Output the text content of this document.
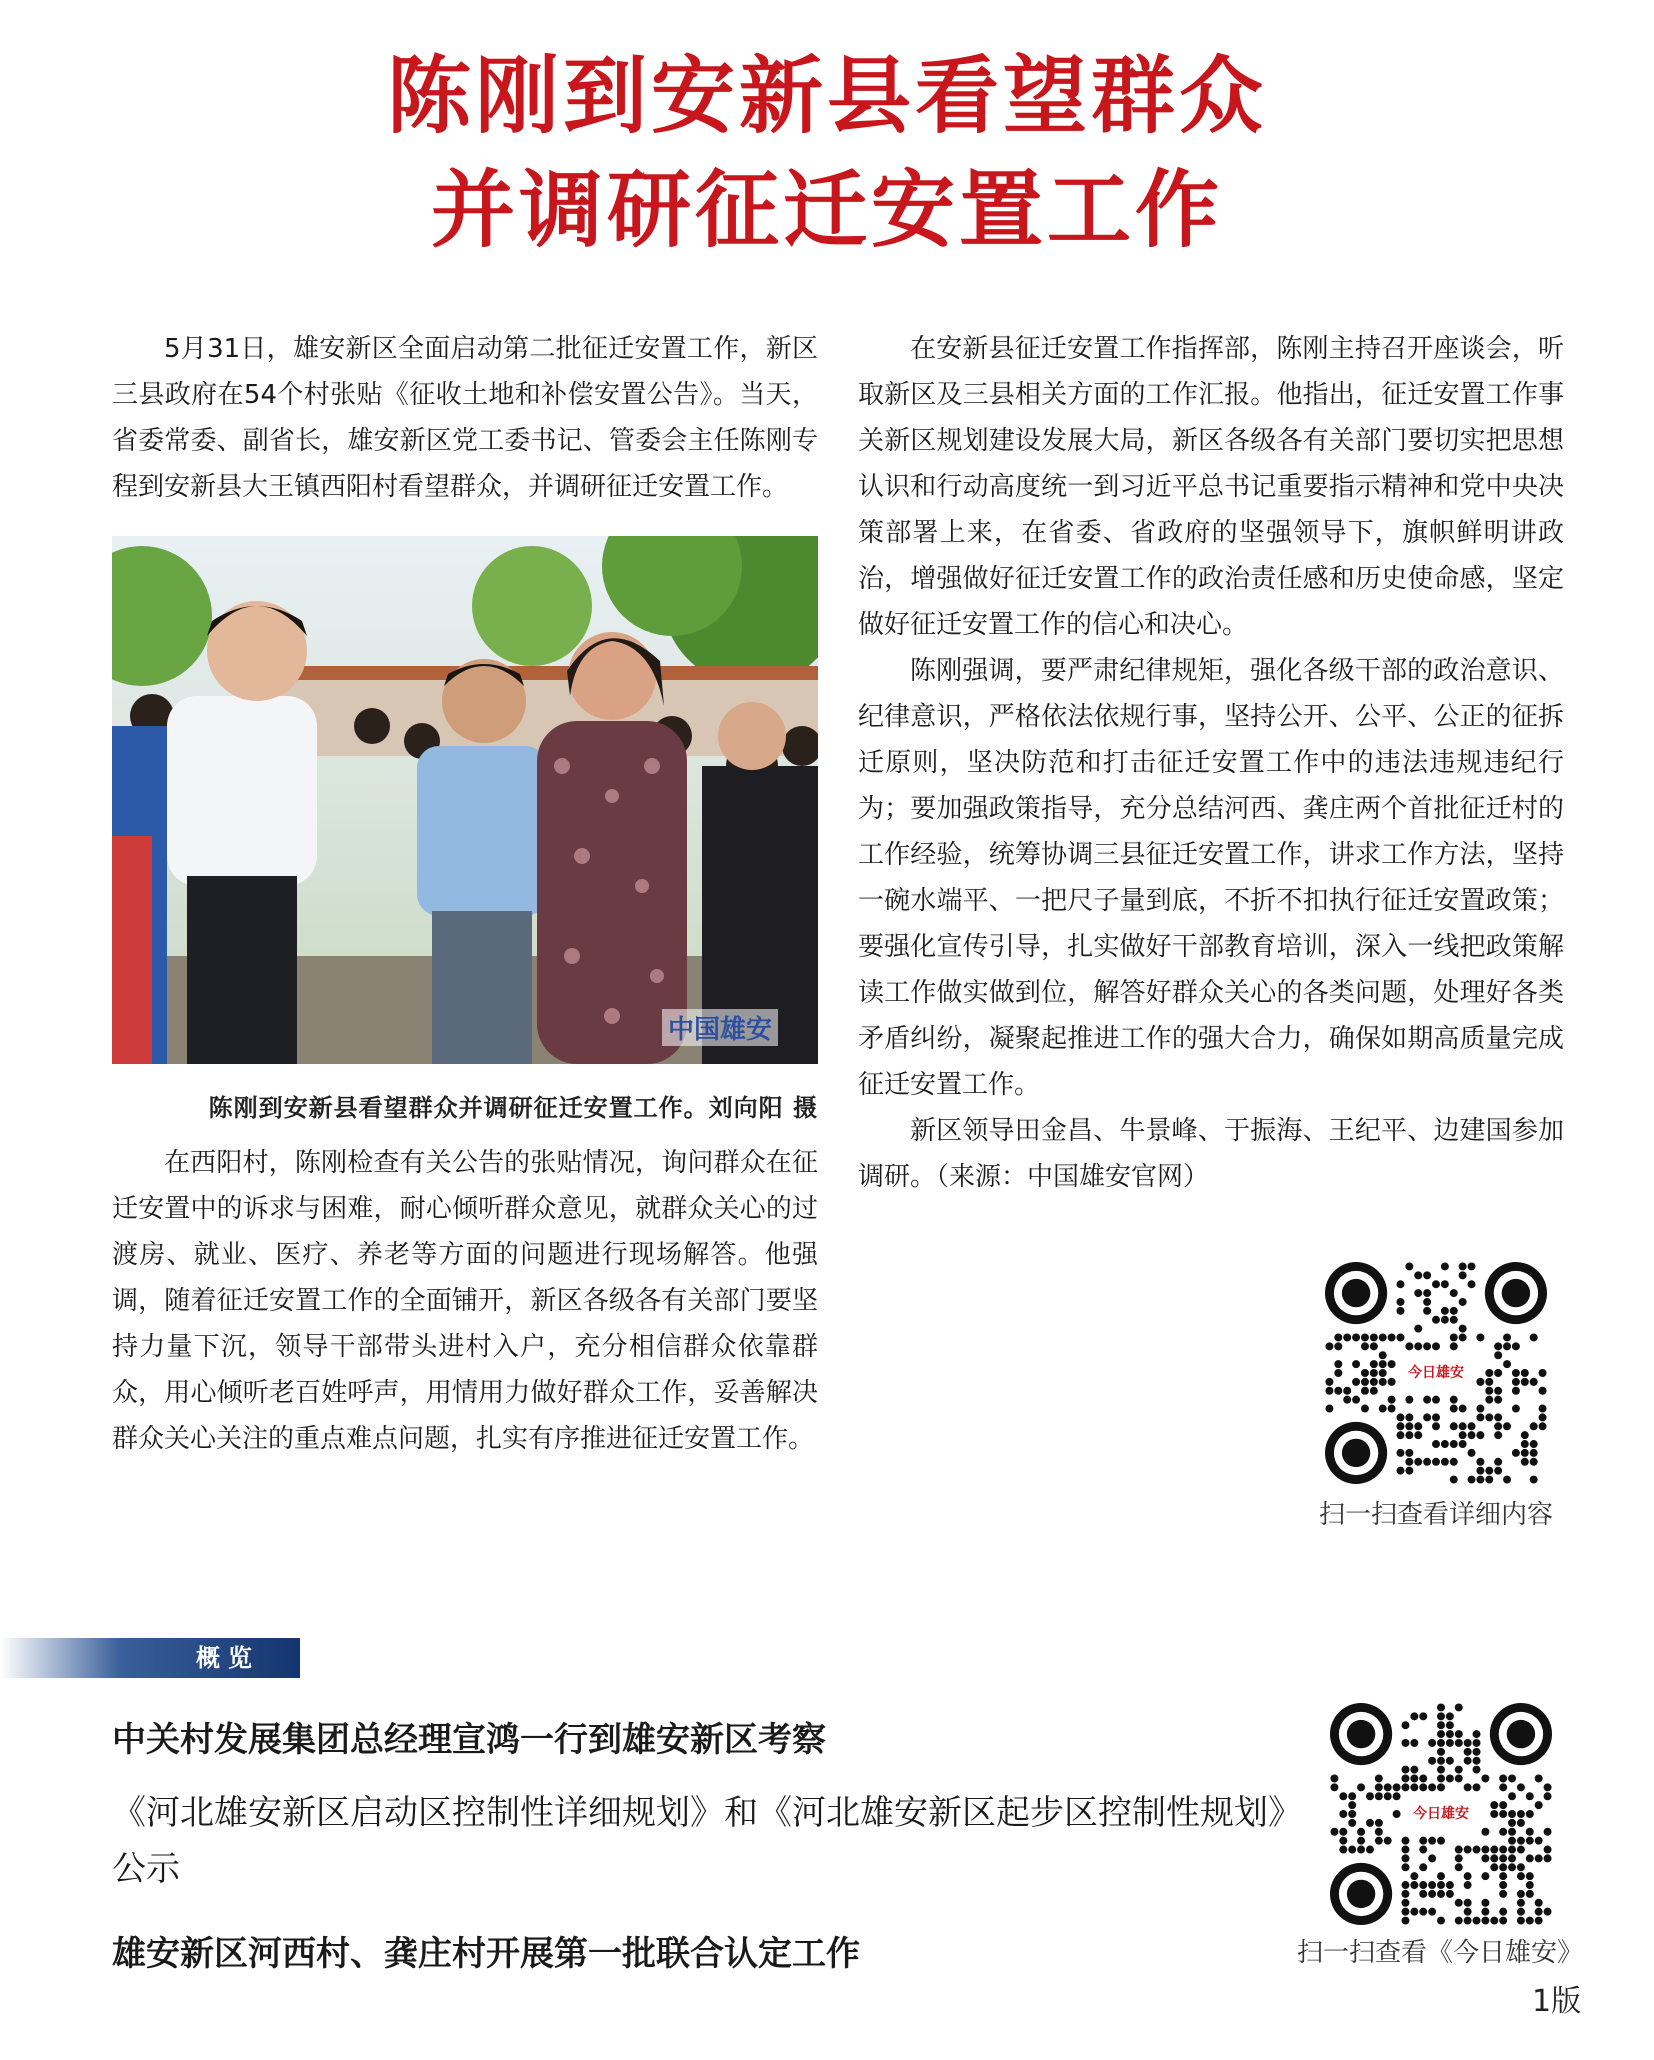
陈刚到安新县看望群众
并调研征迁安置工作

5月31日，雄安新区全面启动第二批征迁安置工作，新区三县政府在54个村张贴《征收土地和补偿安置公告》。当天，省委常委、副省长，雄安新区党工委书记、管委会主任陈刚专程到安新县大王镇西阳村看望群众，并调研征迁安置工作。

中国雄安
陈刚到安新县看望群众并调研征迁安置工作。刘向阳 摄

在西阳村，陈刚检查有关公告的张贴情况，询问群众在征迁安置中的诉求与困难，耐心倾听群众意见，就群众关心的过渡房、就业、医疗、养老等方面的问题进行现场解答。他强调，随着征迁安置工作的全面铺开，新区各级各有关部门要坚持力量下沉，领导干部带头进村入户，充分相信群众依靠群众，用心倾听老百姓呼声，用情用力做好群众工作，妥善解决群众关心关注的重点难点问题，扎实有序推进征迁安置工作。

在安新县征迁安置工作指挥部，陈刚主持召开座谈会，听取新区及三县相关方面的工作汇报。他指出，征迁安置工作事关新区规划建设发展大局，新区各级各有关部门要切实把思想认识和行动高度统一到习近平总书记重要指示精神和党中央决策部署上来，在省委、省政府的坚强领导下，旗帜鲜明讲政治，增强做好征迁安置工作的政治责任感和历史使命感，坚定做好征迁安置工作的信心和决心。

陈刚强调，要严肃纪律规矩，强化各级干部的政治意识、纪律意识，严格依法依规行事，坚持公开、公平、公正的征拆迁原则，坚决防范和打击征迁安置工作中的违法违规违纪行为；要加强政策指导，充分总结河西、龚庄两个首批征迁村的工作经验，统筹协调三县征迁安置工作，讲求工作方法，坚持一碗水端平、一把尺子量到底，不折不扣执行征迁安置政策；要强化宣传引导，扎实做好干部教育培训，深入一线把政策解读工作做实做到位，解答好群众关心的各类问题，处理好各类矛盾纠纷，凝聚起推进工作的强大合力，确保如期高质量完成征迁安置工作。

新区领导田金昌、牛景峰、于振海、王纪平、边建国参加调研。（来源：中国雄安官网）

今日雄安
扫一扫查看详细内容
概览
中关村发展集团总经理宣鸿一行到雄安新区考察
《河北雄安新区启动区控制性详细规划》和《河北雄安新区起步区控制性规划》公示
雄安新区河西村、龚庄村开展第一批联合认定工作
今日雄安
扫一扫查看《今日雄安》
1版
